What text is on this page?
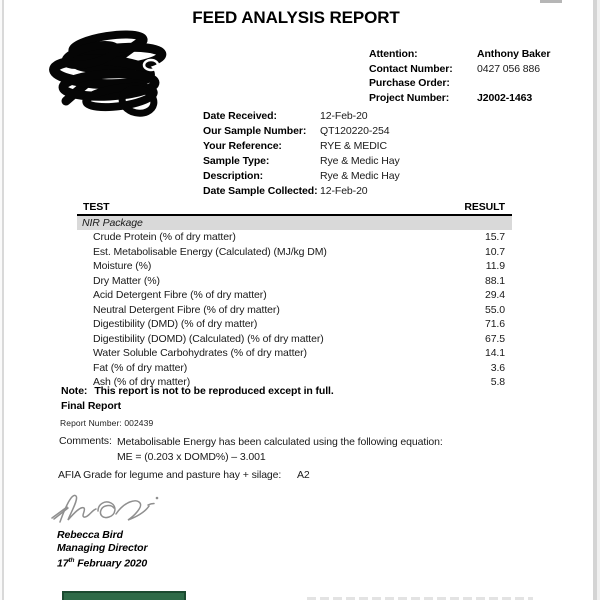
FEED ANALYSIS REPORT
Attention:	Anthony Baker
Contact Number:	0427 056 886
Purchase Order:
Project Number:	J2002-1463
Date Received:	12-Feb-20
Our Sample Number:	QT120220-254
Your Reference:	RYE & MEDIC
Sample Type:	Rye & Medic Hay
Description:	Rye & Medic Hay
Date Sample Collected: 12-Feb-20
TEST	RESULT
NIR Package
Crude Protein (% of dry matter)	15.7
Est. Metabolisable Energy (Calculated) (MJ/kg DM)	10.7
Moisture (%)	11.9
Dry Matter (%)	88.1
Acid Detergent Fibre (% of dry matter)	29.4
Neutral Detergent Fibre (% of dry matter)	55.0
Digestibility (DMD) (% of dry matter)	71.6
Digestibility (DOMD) (Calculated) (% of dry matter)	67.5
Water Soluble Carbohydrates (% of dry matter)	14.1
Fat (% of dry matter)	3.6
Ash (% of dry matter)	5.8
Note: This report is not to be reproduced except in full.
Final Report
Report Number: 002439
Comments: Metabolisable Energy has been calculated using the following equation:
ME = (0.203 x DOMD%) – 3.001
AFIA Grade for legume and pasture hay + silage: A2
Rebecca Bird
Managing Director
17th February 2020
